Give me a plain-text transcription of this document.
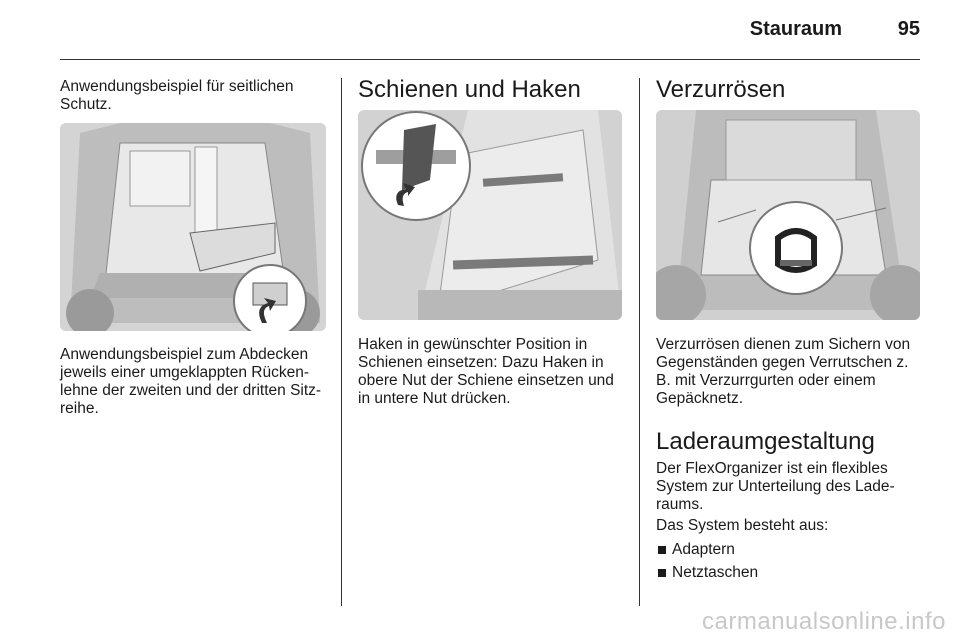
Stauraum	95

Anwendungsbeispiel für seitlichen Schutz.

Anwendungsbeispiel zum Abdecken jeweils einer umgeklappten Rücken-lehne der zweiten und der dritten Sitz-reihe.

Schienen und Haken

Haken in gewünschter Position in Schienen einsetzen: Dazu Haken in obere Nut der Schiene einsetzen und in untere Nut drücken.

Verzurrösen

Verzurrösen dienen zum Sichern von Gegenständen gegen Verrutschen z. B. mit Verzurrgurten oder einem Gepäcknetz.

Laderaumgestaltung

Der FlexOrganizer ist ein flexibles System zur Unterteilung des Lade-raums.

Das System besteht aus:

Adaptern
Netztaschen
carmanualsonline.info
